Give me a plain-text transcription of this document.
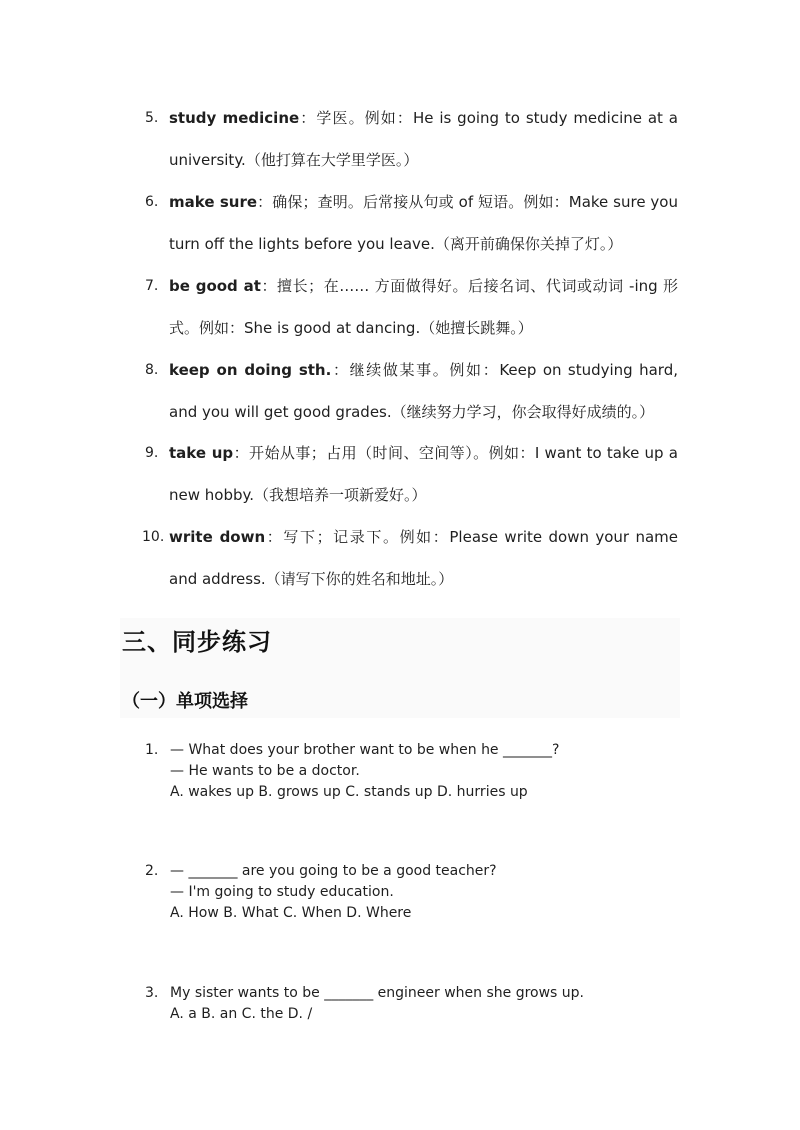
5. study medicine：学医。例如：He is going to study medicine at a university.（他打算在大学里学医。）
6. make sure：确保；查明。后常接从句或 of 短语。例如：Make sure you turn off the lights before you leave.（离开前确保你关掉了灯。）
7. be good at：擅长；在…… 方面做得好。后接名词、代词或动词 -ing 形式。例如：She is good at dancing.（她擅长跳舞。）
8. keep on doing sth.：继续做某事。例如：Keep on studying hard, and you will get good grades.（继续努力学习，你会取得好成绩的。）
9. take up：开始从事；占用（时间、空间等）。例如：I want to take up a new hobby.（我想培养一项新爱好。）
10. write down：写下；记录下。例如：Please write down your name and address.（请写下你的姓名和地址。）
三、同步练习
（一）单项选择
1. — What does your brother want to be when he _______?
— He wants to be a doctor.
A. wakes up B. grows up C. stands up D. hurries up
2. — _______ are you going to be a good teacher?
— I'm going to study education.
A. How B. What C. When D. Where
3. My sister wants to be _______ engineer when she grows up.
A. a B. an C. the D. /
